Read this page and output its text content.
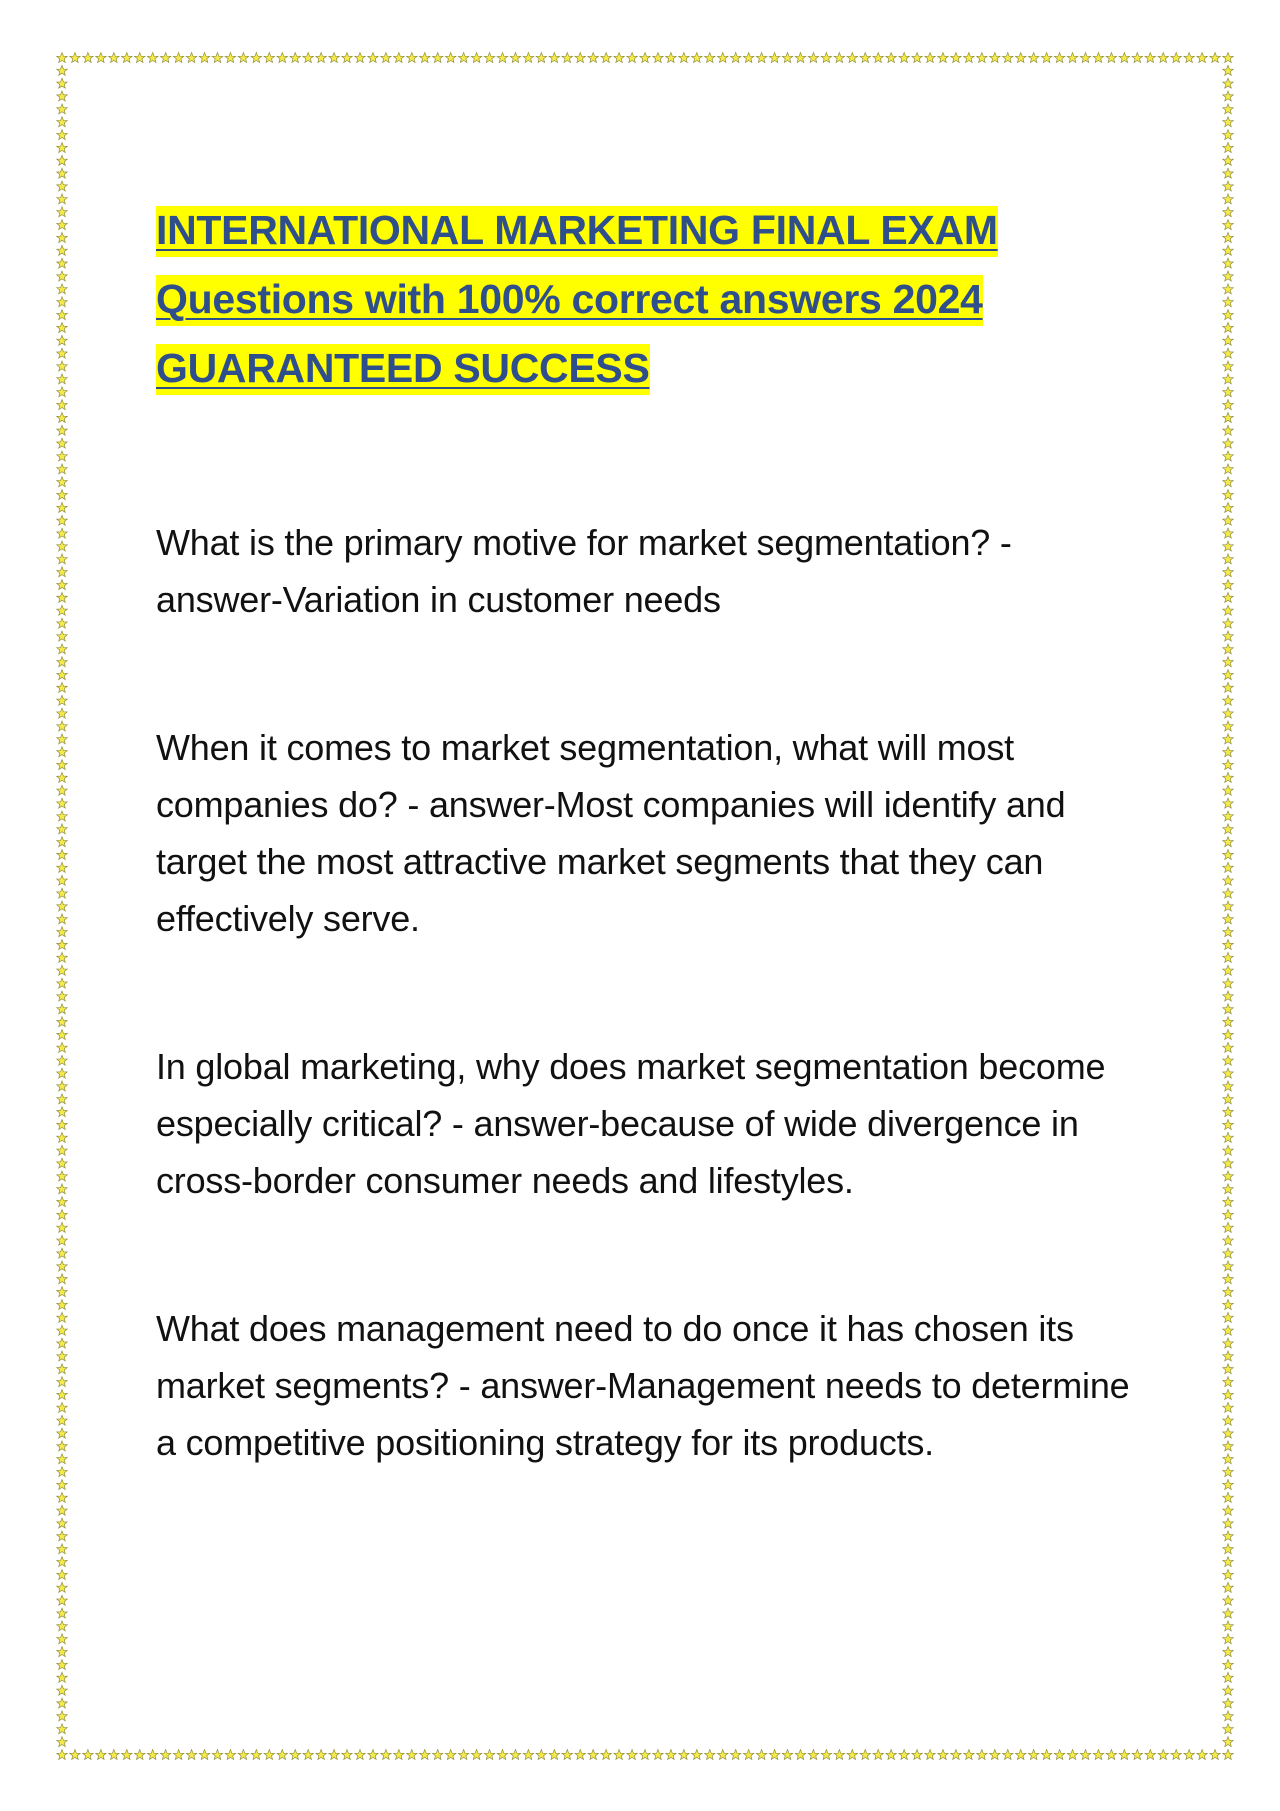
INTERNATIONAL MARKETING FINAL EXAM
Questions with 100% correct answers 2024
GUARANTEED SUCCESS

What is the primary motive for market segmentation? - answer-Variation in customer needs

When it comes to market segmentation, what will most companies do? - answer-Most companies will identify and target the most attractive market segments that they can effectively serve.

In global marketing, why does market segmentation become especially critical? - answer-because of wide divergence in cross-border consumer needs and lifestyles.

What does management need to do once it has chosen its market segments? - answer-Management needs to determine a competitive positioning strategy for its products.
